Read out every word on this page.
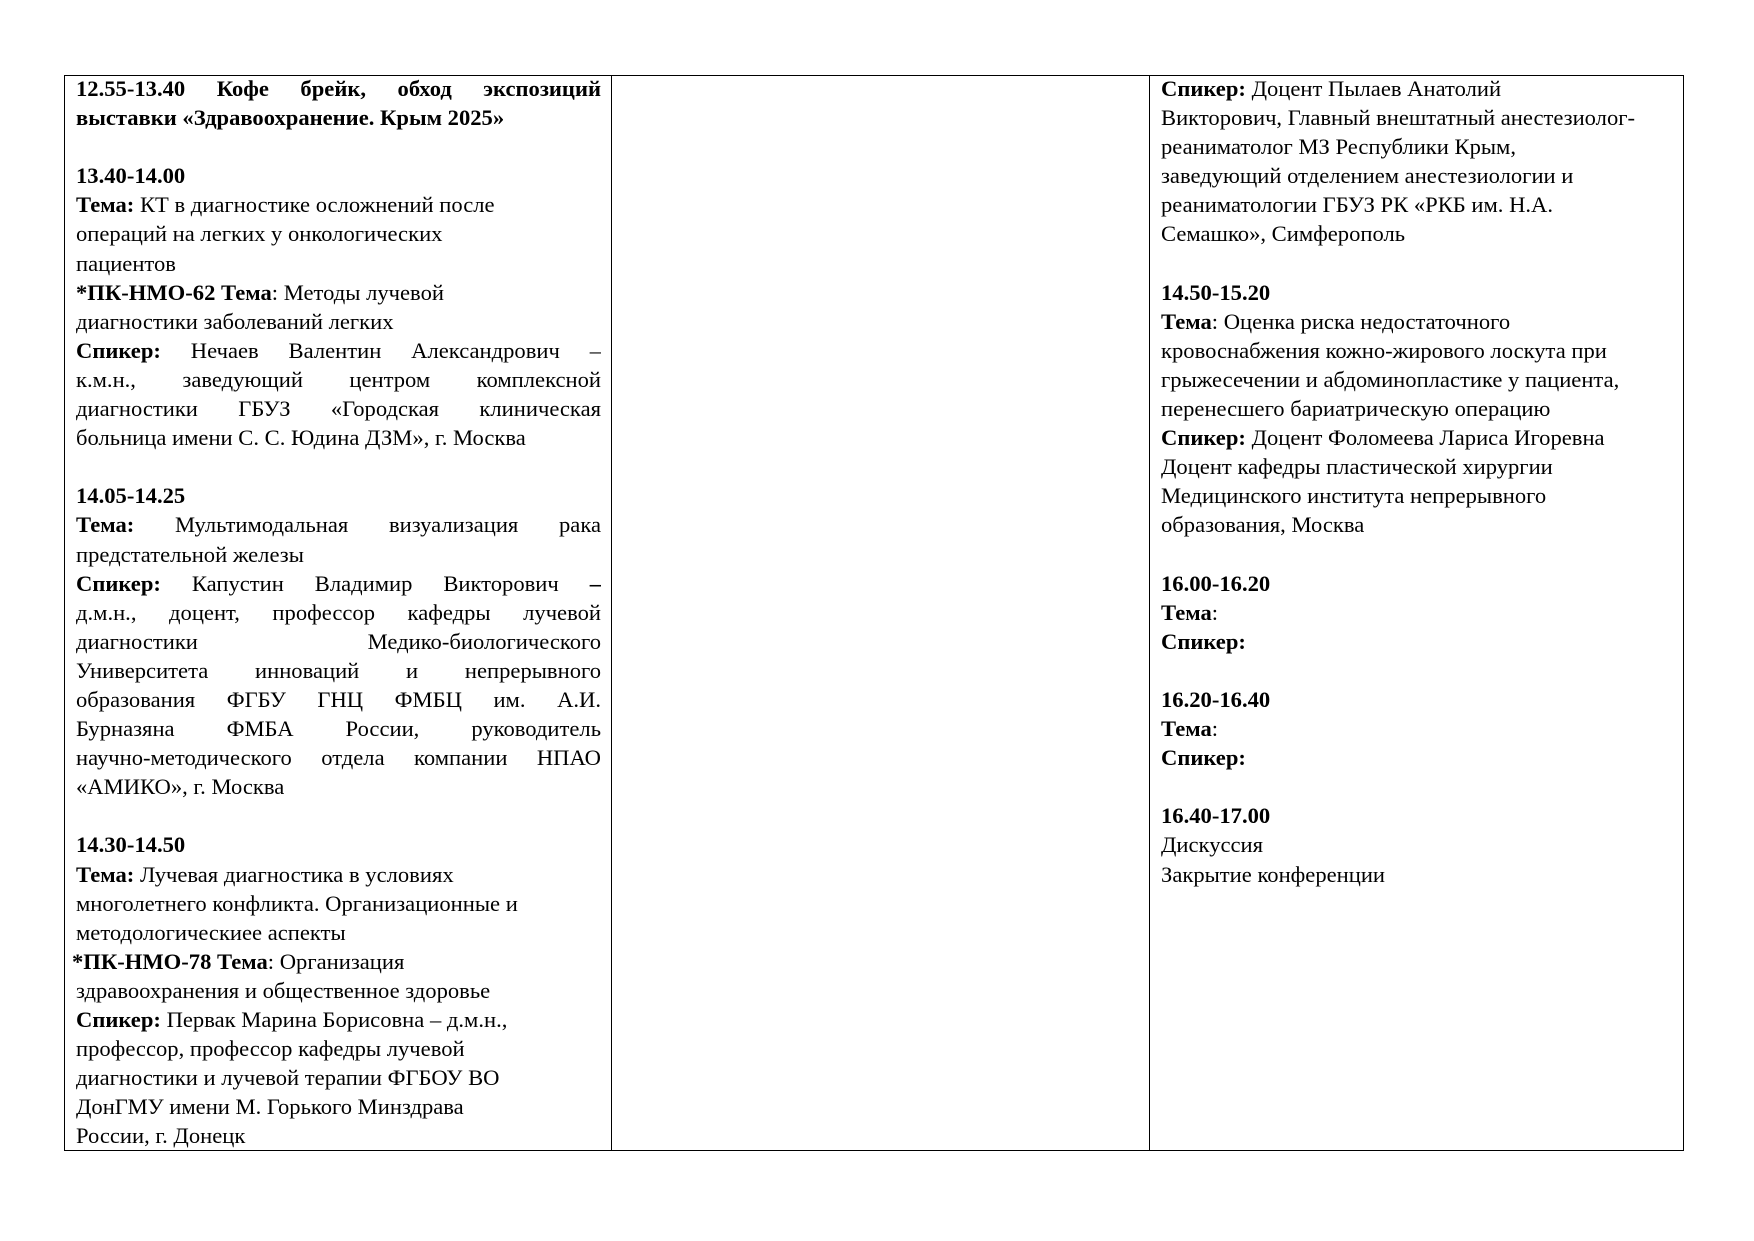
12.55-13.40 Кофе брейк, обход экспозиций
выставки «Здравоохранение. Крым 2025»
13.40-14.00
Тема: КТ в диагностике осложнений после
операций на легких у онкологических
пациентов
*ПК-НМО-62 Тема: Методы лучевой
диагностики заболеваний легких
Спикер: Нечаев Валентин Александрович –
к.м.н., заведующий центром комплексной
диагностики ГБУЗ «Городская клиническая
больница имени С. С. Юдина ДЗМ», г. Москва
14.05-14.25
Тема: Мультимодальная визуализация рака
предстательной железы
Спикер: Капустин Владимир Викторович –
д.м.н., доцент, профессор кафедры лучевой
диагностики Медико-биологического
Университета инноваций и непрерывного
образования ФГБУ ГНЦ ФМБЦ им. А.И.
Бурназяна ФМБА России, руководитель
научно-методического отдела компании НПАО
«АМИКО», г. Москва
14.30-14.50
Тема: Лучевая диагностика в условиях
многолетнего конфликта. Организационные и
методологическиее аспекты
*ПК-НМО-78 Тема: Организация
здравоохранения и общественное здоровье
Спикер: Первак Марина Борисовна – д.м.н.,
профессор, профессор кафедры лучевой
диагностики и лучевой терапии ФГБОУ ВО
ДонГМУ имени М. Горького Минздрава
России, г. Донецк
Спикер: Доцент Пылаев Анатолий
Викторович, Главный внештатный анестезиолог-
реаниматолог МЗ Республики Крым,
заведующий отделением анестезиологии и
реаниматологии ГБУЗ РК «РКБ им. Н.А.
Семашко», Симферополь
14.50-15.20
Тема: Оценка риска недостаточного
кровоснабжения кожно-жирового лоскута при
грыжесечении и абдоминопластике у пациента,
перенесшего бариатрическую операцию
Спикер: Доцент Фоломеева Лариса Игоревна
Доцент кафедры пластической хирургии
Медицинского института непрерывного
образования, Москва
16.00-16.20
Тема:
Спикер:
16.20-16.40
Тема:
Спикер:
16.40-17.00
Дискуссия
Закрытие конференции
